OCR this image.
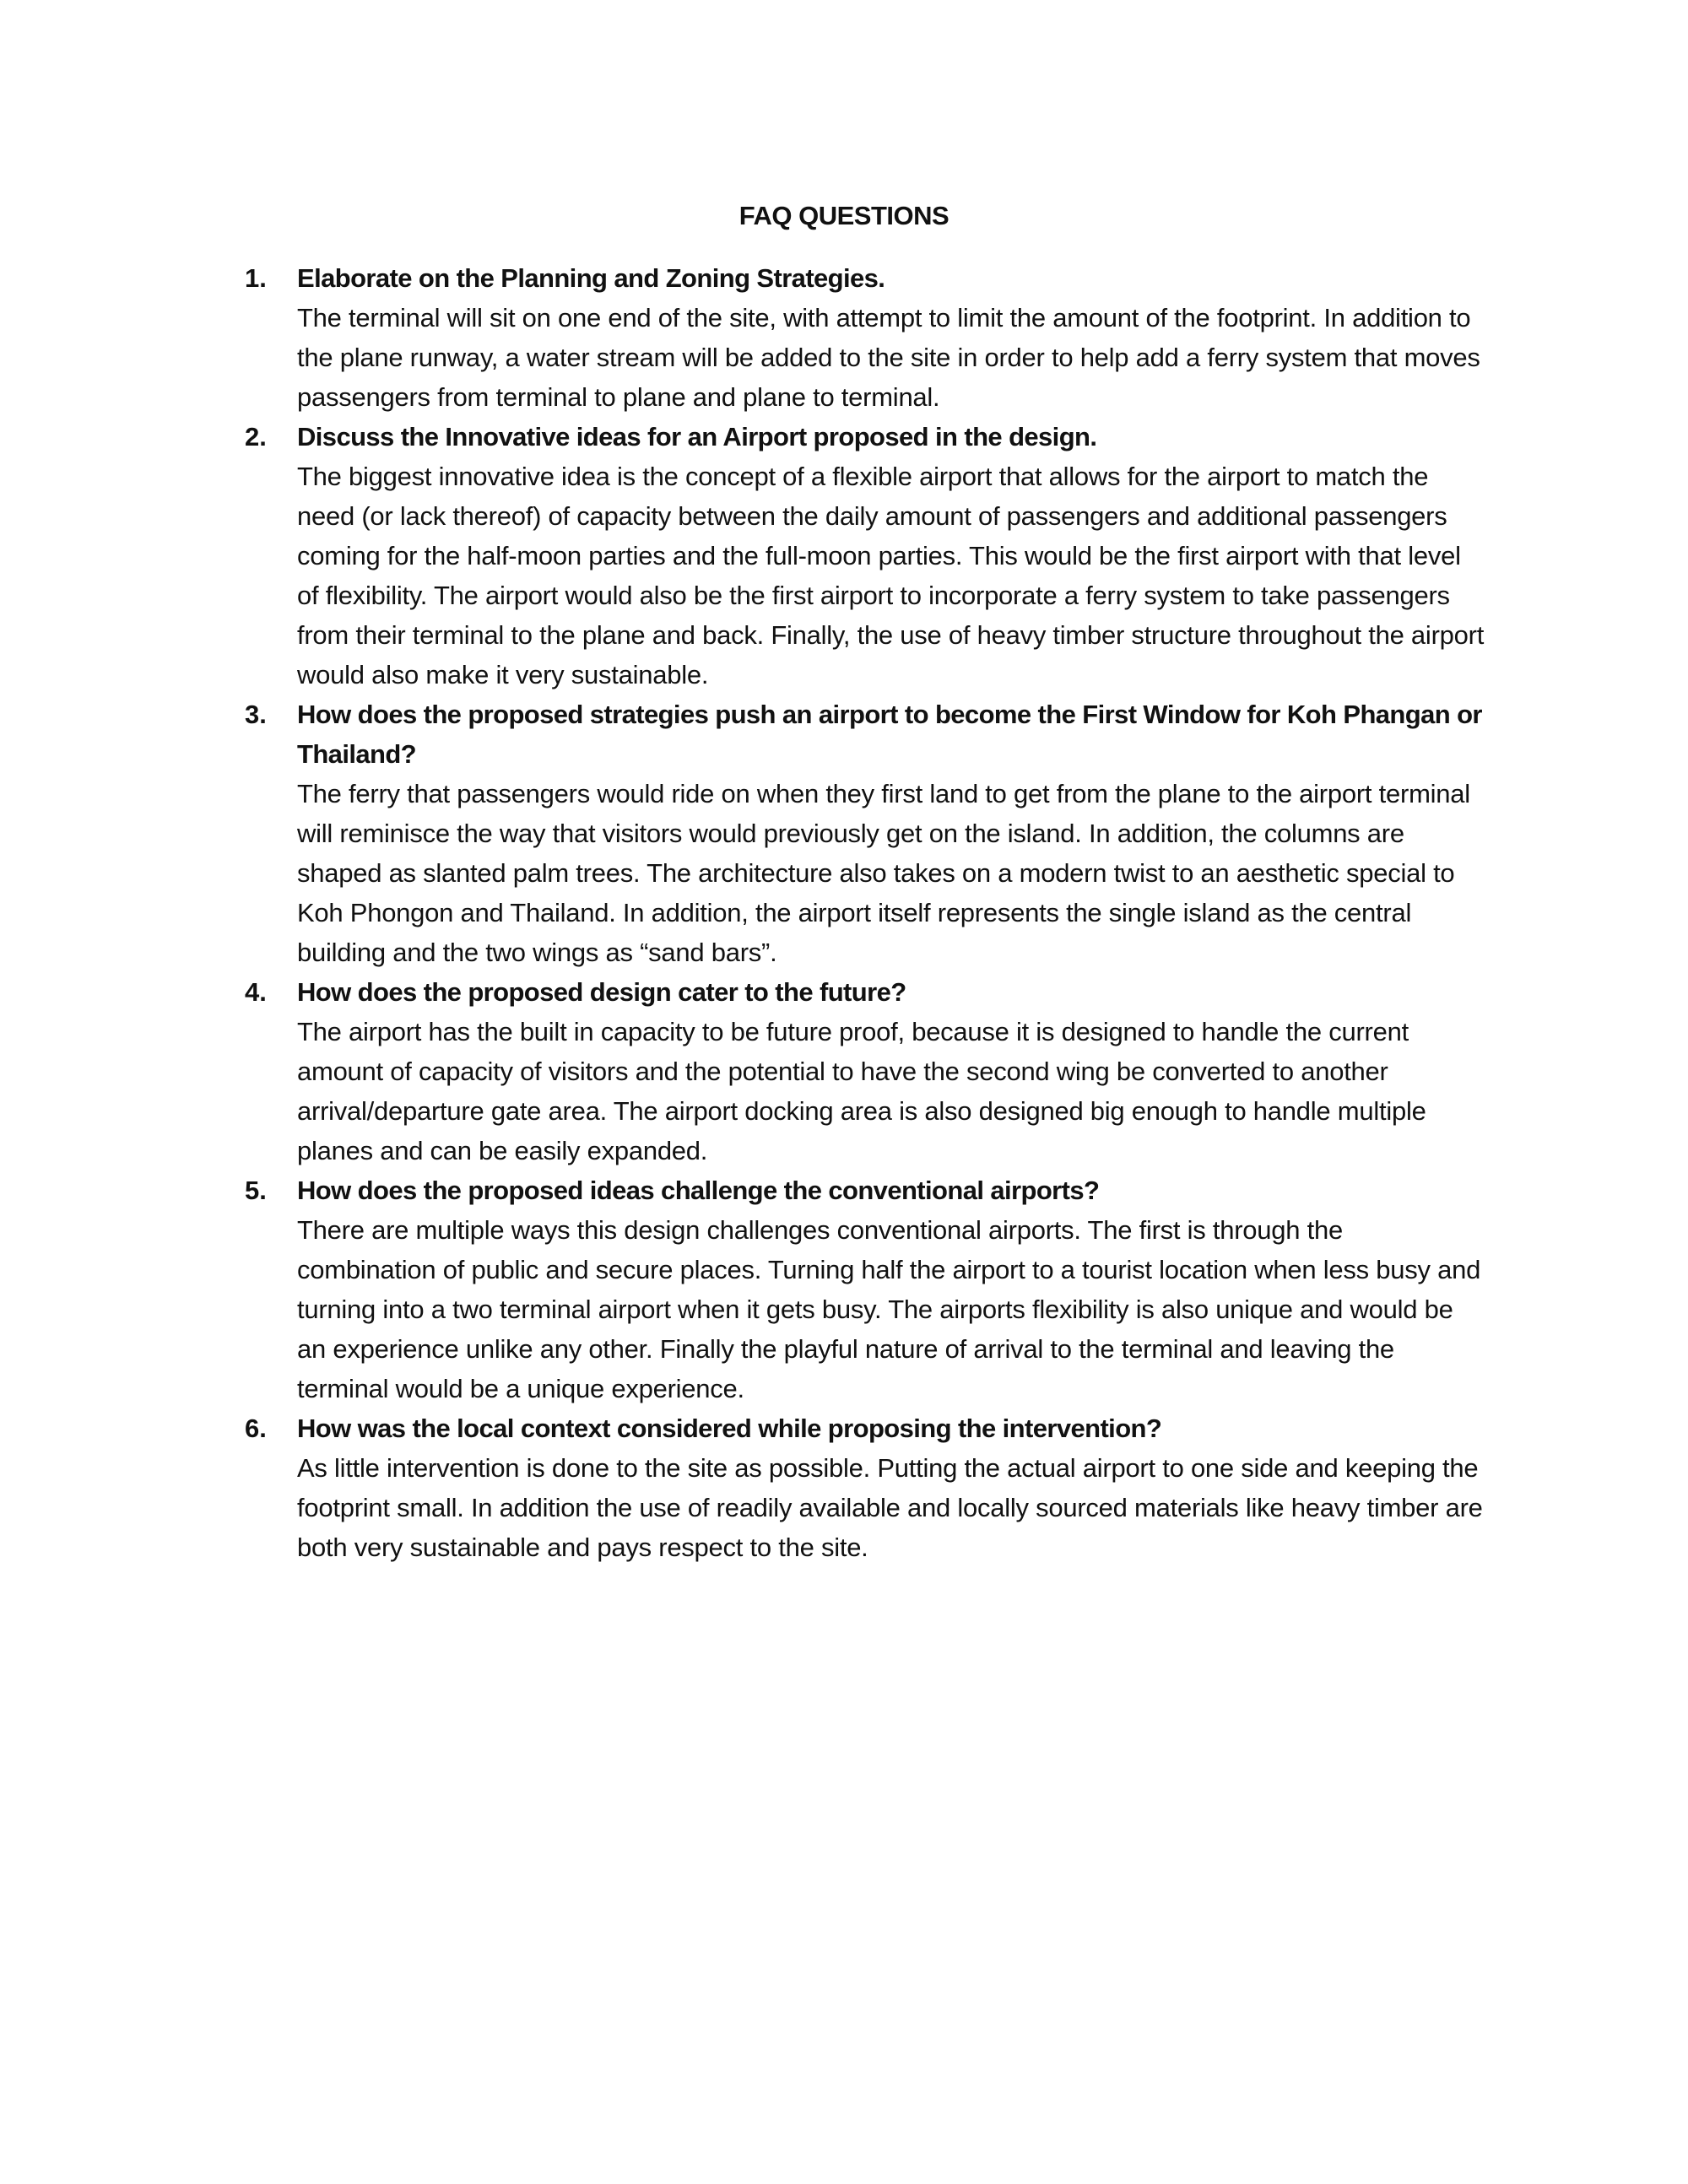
FAQ QUESTIONS
1. Elaborate on the Planning and Zoning Strategies.
The terminal will sit on one end of the site, with attempt to limit the amount of the footprint. In addition to the plane runway, a water stream will be added to the site in order to help add a ferry system that moves passengers from terminal to plane and plane to terminal.
2. Discuss the Innovative ideas for an Airport proposed in the design.
The biggest innovative idea is the concept of a flexible airport that allows for the airport to match the need (or lack thereof) of capacity between the daily amount of passengers and additional passengers coming for the half-moon parties and the full-moon parties. This would be the first airport with that level of flexibility. The airport would also be the first airport to incorporate a ferry system to take passengers from their terminal to the plane and back. Finally, the use of heavy timber structure throughout the airport would also make it very sustainable.
3. How does the proposed strategies push an airport to become the First Window for Koh Phangan or Thailand?
The ferry that passengers would ride on when they first land to get from the plane to the airport terminal will reminisce the way that visitors would previously get on the island. In addition, the columns are shaped as slanted palm trees. The architecture also takes on a modern twist to an aesthetic special to Koh Phongon and Thailand. In addition, the airport itself represents the single island as the central building and the two wings as “sand bars”.
4. How does the proposed design cater to the future?
The airport has the built in capacity to be future proof, because it is designed to handle the current amount of capacity of visitors and the potential to have the second wing be converted to another arrival/departure gate area. The airport docking area is also designed big enough to handle multiple planes and can be easily expanded.
5. How does the proposed ideas challenge the conventional airports?
There are multiple ways this design challenges conventional airports. The first is through the combination of public and secure places. Turning half the airport to a tourist location when less busy and turning into a two terminal airport when it gets busy. The airports flexibility is also unique and would be an experience unlike any other. Finally the playful nature of arrival to the terminal and leaving the terminal would be a unique experience.
6. How was the local context considered while proposing the intervention?
As little intervention is done to the site as possible. Putting the actual airport to one side and keeping the footprint small. In addition the use of readily available and locally sourced materials like heavy timber are both very sustainable and pays respect to the site.
